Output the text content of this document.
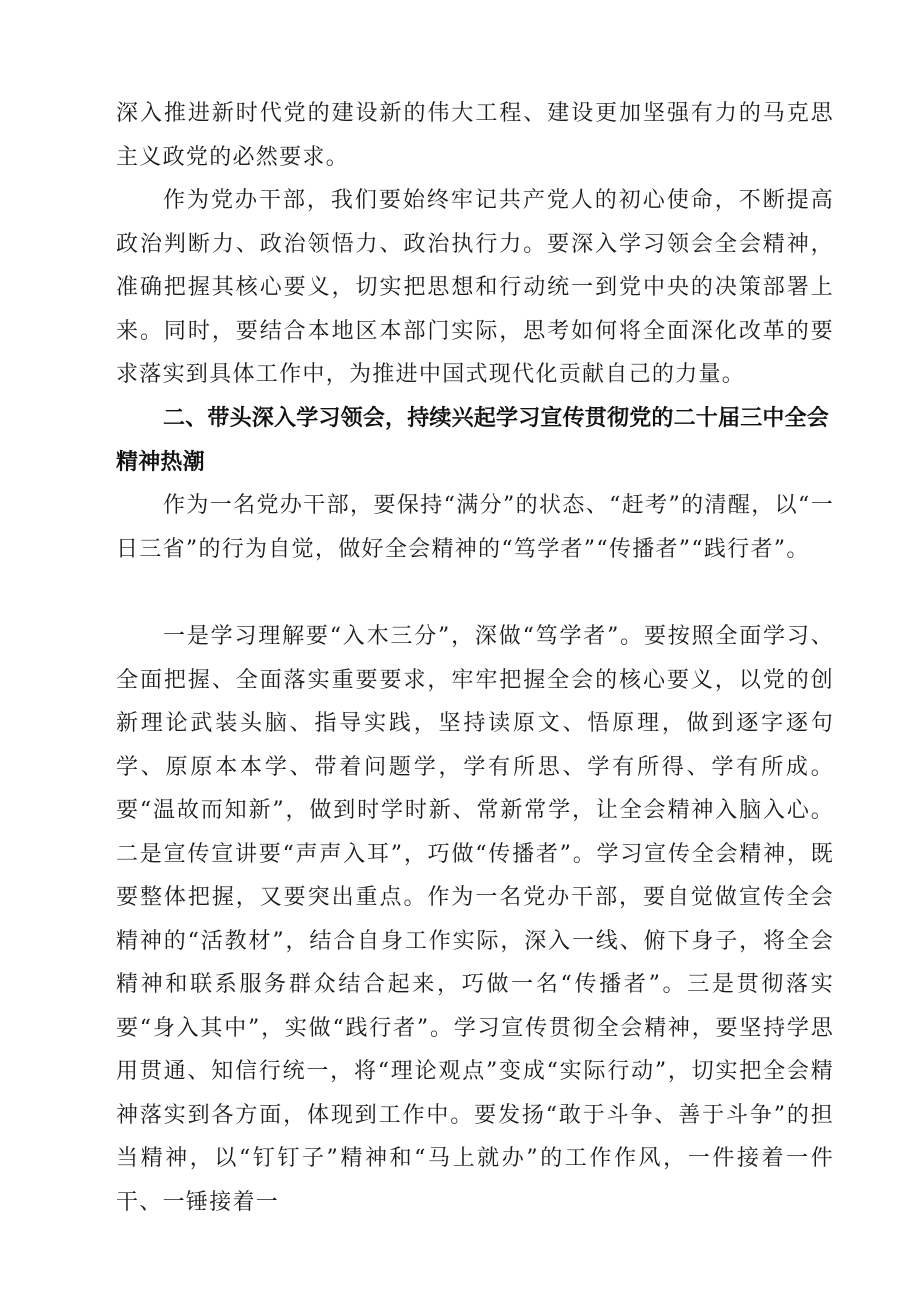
深入推进新时代党的建设新的伟大工程、建设更加坚强有力的马克思主义政党的必然要求。

作为党办干部，我们要始终牢记共产党人的初心使命，不断提高政治判断力、政治领悟力、政治执行力。要深入学习领会全会精神，准确把握其核心要义，切实把思想和行动统一到党中央的决策部署上来。同时，要结合本地区本部门实际，思考如何将全面深化改革的要求落实到具体工作中，为推进中国式现代化贡献自己的力量。

二、带头深入学习领会，持续兴起学习宣传贯彻党的二十届三中全会精神热潮

作为一名党办干部，要保持“满分”的状态、“赶考”的清醒，以“一日三省”的行为自觉，做好全会精神的“笃学者”“传播者”“践行者”。

一是学习理解要“入木三分”，深做“笃学者”。要按照全面学习、全面把握、全面落实重要要求，牢牢把握全会的核心要义，以党的创新理论武装头脑、指导实践，坚持读原文、悟原理，做到逐字逐句学、原原本本学、带着问题学，学有所思、学有所得、学有所成。要“温故而知新”，做到时学时新、常新常学，让全会精神入脑入心。二是宣传宣讲要“声声入耳”，巧做“传播者”。学习宣传全会精神，既要整体把握，又要突出重点。作为一名党办干部，要自觉做宣传全会精神的“活教材”，结合自身工作实际，深入一线、俯下身子，将全会精神和联系服务群众结合起来，巧做一名“传播者”。三是贯彻落实要“身入其中”，实做“践行者”。学习宣传贯彻全会精神，要坚持学思用贯通、知信行统一，将“理论观点”变成“实际行动”，切实把全会精神落实到各方面，体现到工作中。要发扬“敢于斗争、善于斗争”的担当精神，以“钉钉子”精神和“马上就办”的工作作风，一件接着一件干、一锤接着一
